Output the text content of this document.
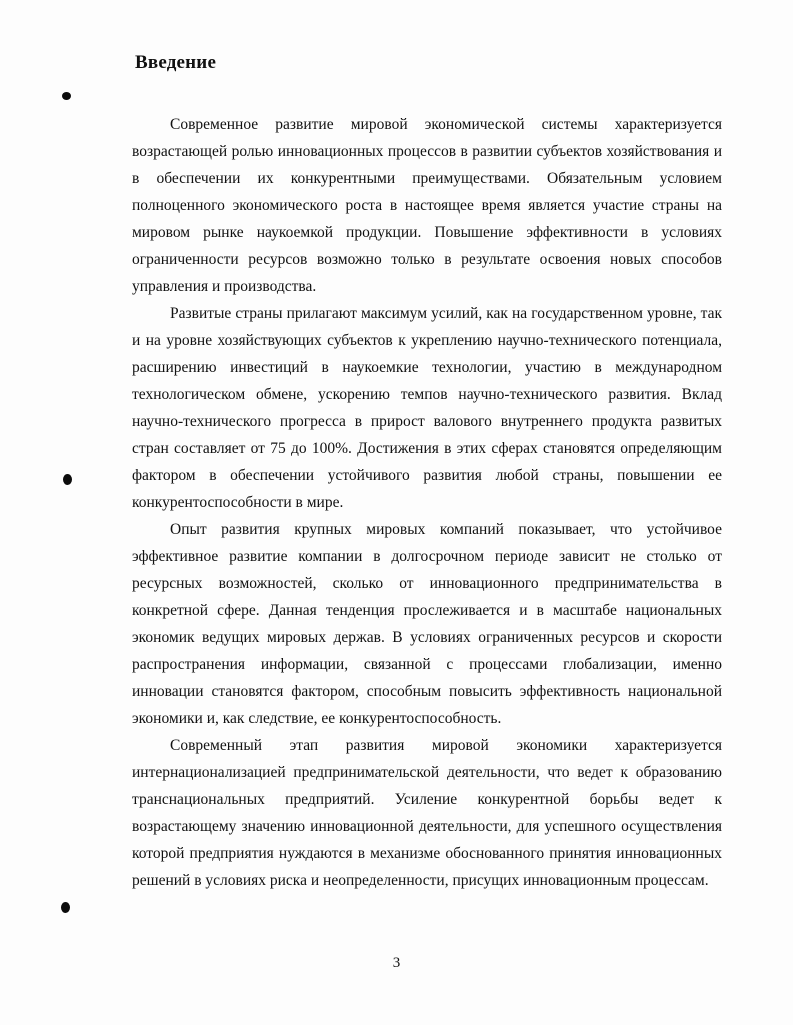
Введение

Современное развитие мировой экономической системы характеризуется возрастающей ролью инновационных процессов в развитии субъектов хозяйствования и в обеспечении их конкурентными преимуществами. Обязательным условием полноценного экономического роста в настоящее время является участие страны на мировом рынке наукоемкой продукции. Повышение эффективности в условиях ограниченности ресурсов возможно только в результате освоения новых способов управления и производства.

Развитые страны прилагают максимум усилий, как на государственном уровне, так и на уровне хозяйствующих субъектов к укреплению научно-технического потенциала, расширению инвестиций в наукоемкие технологии, участию в международном технологическом обмене, ускорению темпов научно-технического развития. Вклад научно-технического прогресса в прирост валового внутреннего продукта развитых стран составляет от 75 до 100%. Достижения в этих сферах становятся определяющим фактором в обеспечении устойчивого развития любой страны, повышении ее конкурентоспособности в мире.

Опыт развития крупных мировых компаний показывает, что устойчивое эффективное развитие компании в долгосрочном периоде зависит не столько от ресурсных возможностей, сколько от инновационного предпринимательства в конкретной сфере. Данная тенденция прослеживается и в масштабе национальных экономик ведущих мировых держав. В условиях ограниченных ресурсов и скорости распространения информации, связанной с процессами глобализации, именно инновации становятся фактором, способным повысить эффективность национальной экономики и, как следствие, ее конкурентоспособность.

Современный этап развития мировой экономики характеризуется интернационализацией предпринимательской деятельности, что ведет к образованию транснациональных предприятий. Усиление конкурентной борьбы ведет к возрастающему значению инновационной деятельности, для успешного осуществления которой предприятия нуждаются в механизме обоснованного принятия инновационных решений в условиях риска и неопределенности, присущих инновационным процессам.

3
